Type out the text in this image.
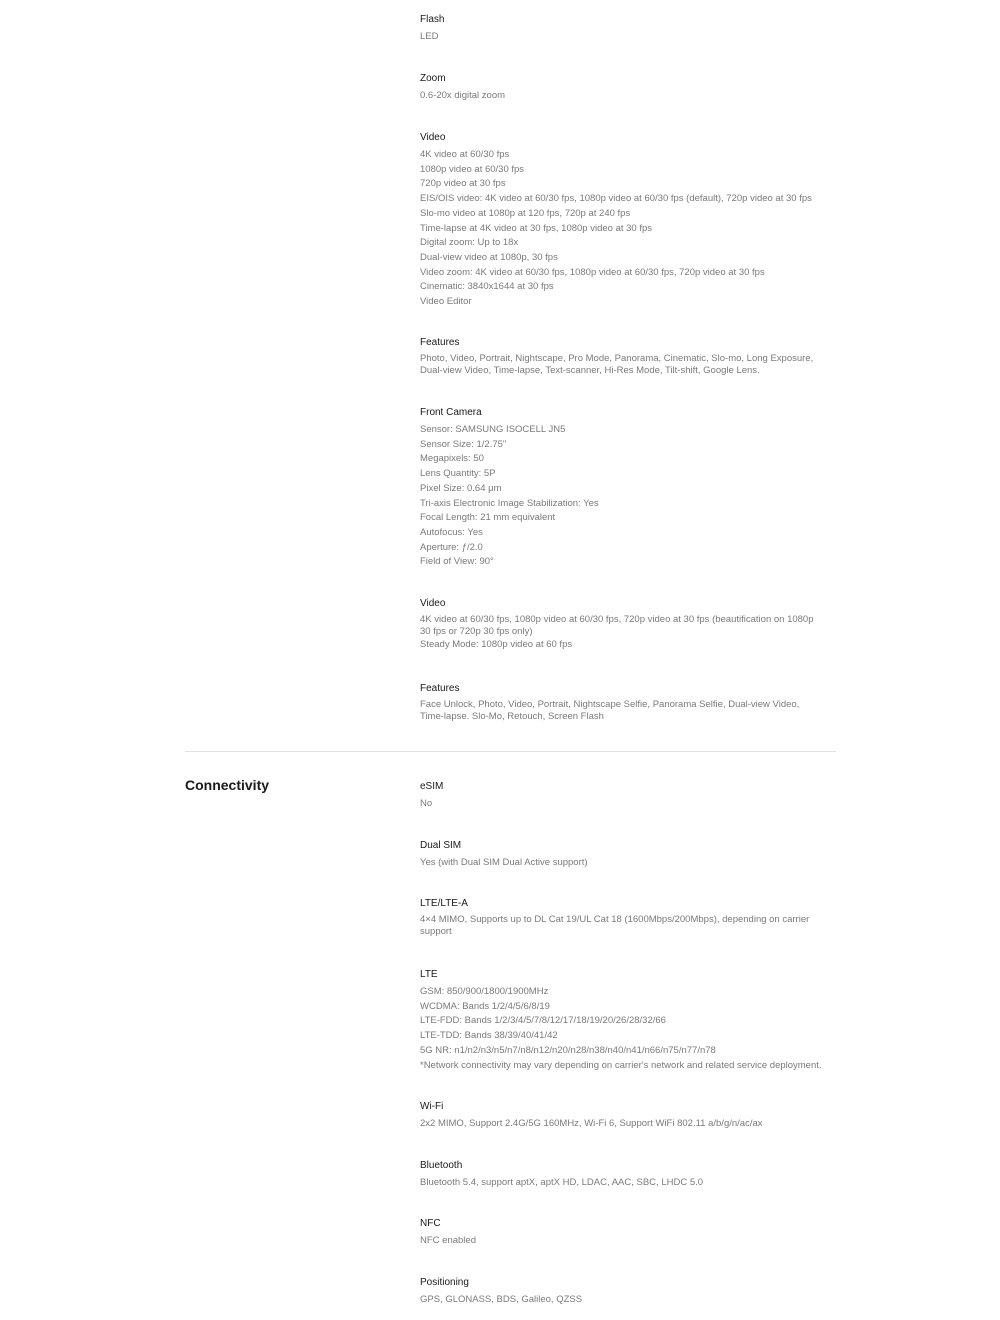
Flash

LED

Zoom

0.6-20x digital zoom

Video

4K video at 60/30 fps

1080p video at 60/30 fps

720p video at 30 fps

EIS/OIS video: 4K video at 60/30 fps, 1080p video at 60/30 fps (default), 720p video at 30 fps

Slo-mo video at 1080p at 120 fps, 720p at 240 fps

Time-lapse at 4K video at 30 fps, 1080p video at 30 fps

Digital zoom: Up to 18x

Dual-view video at 1080p, 30 fps

Video zoom: 4K video at 60/30 fps, 1080p video at 60/30 fps, 720p video at 30 fps

Cinematic: 3840x1644 at 30 fps

Video Editor

Features

Photo, Video, Portrait, Nightscape, Pro Mode, Panorama, Cinematic, Slo-mo, Long Exposure, Dual-view Video, Time-lapse, Text-scanner, Hi-Res Mode, Tilt-shift, Google Lens.

Front Camera

Sensor: SAMSUNG ISOCELL JN5

Sensor Size: 1/2.75"

Megapixels: 50

Lens Quantity: 5P

Pixel Size: 0.64 μm

Tri-axis Electronic Image Stabilization: Yes

Focal Length: 21 mm equivalent

Autofocus: Yes

Aperture: ƒ/2.0

Field of View: 90°

Video

4K video at 60/30 fps, 1080p video at 60/30 fps, 720p video at 30 fps (beautification on 1080p 30 fps or 720p 30 fps only)

Steady Mode: 1080p video at 60 fps

Features

Face Unlock, Photo, Video, Portrait, Nightscape Selfie, Panorama Selfie, Dual-view Video, Time-lapse. Slo-Mo, Retouch, Screen Flash

Connectivity	eSIM

No

Dual SIM

Yes (with Dual SIM Dual Active support)

LTE/LTE-A

4×4 MIMO, Supports up to DL Cat 19/UL Cat 18 (1600Mbps/200Mbps), depending on carrier support

LTE

GSM: 850/900/1800/1900MHz

WCDMA: Bands 1/2/4/5/6/8/19

LTE-FDD: Bands 1/2/3/4/5/7/8/12/17/18/19/20/26/28/32/66

LTE-TDD: Bands 38/39/40/41/42

5G NR: n1/n2/n3/n5/n7/n8/n12/n20/n28/n38/n40/n41/n66/n75/n77/n78

*Network connectivity may vary depending on carrier's network and related service deployment.

Wi-Fi

2x2 MIMO, Support 2.4G/5G 160MHz, Wi-Fi 6, Support WiFi 802.11 a/b/g/n/ac/ax

Bluetooth

Bluetooth 5.4, support aptX, aptX HD, LDAC, AAC, SBC, LHDC 5.0

NFC

NFC enabled

Positioning

GPS, GLONASS, BDS, Galileo, QZSS
